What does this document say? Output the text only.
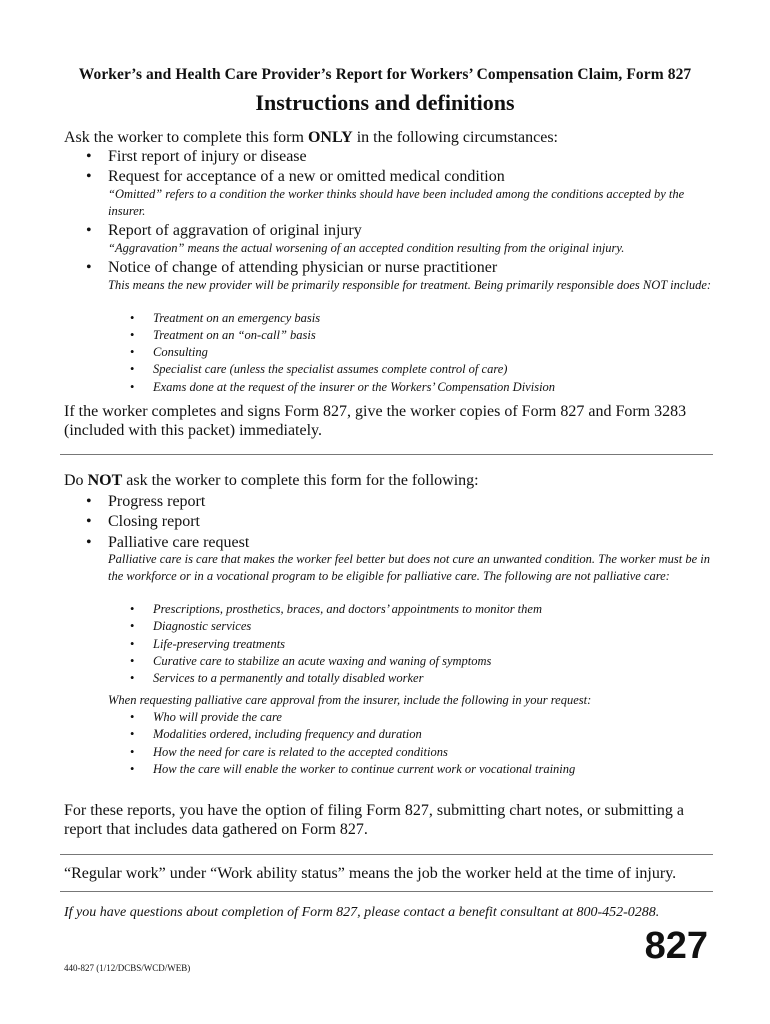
Worker’s and Health Care Provider’s Report for Workers’ Compensation Claim, Form 827
Instructions and definitions
Ask the worker to complete this form ONLY in the following circumstances:
• First report of injury or disease
• Request for acceptance of a new or omitted medical condition
“Omitted” refers to a condition the worker thinks should have been included among the conditions accepted by the insurer.
• Report of aggravation of original injury
“Aggravation” means the actual worsening of an accepted condition resulting from the original injury.
• Notice of change of attending physician or nurse practitioner
This means the new provider will be primarily responsible for treatment. Being primarily responsible does NOT include:
• Treatment on an emergency basis
• Treatment on an “on-call” basis
• Consulting
• Specialist care (unless the specialist assumes complete control of care)
• Exams done at the request of the insurer or the Workers’ Compensation Division
If the worker completes and signs Form 827, give the worker copies of Form 827 and Form 3283 (included with this packet) immediately.
Do NOT ask the worker to complete this form for the following:
• Progress report
• Closing report
• Palliative care request
Palliative care is care that makes the worker feel better but does not cure an unwanted condition. The worker must be in the workforce or in a vocational program to be eligible for palliative care. The following are not palliative care:
• Prescriptions, prosthetics, braces, and doctors’ appointments to monitor them
• Diagnostic services
• Life-preserving treatments
• Curative care to stabilize an acute waxing and waning of symptoms
• Services to a permanently and totally disabled worker
When requesting palliative care approval from the insurer, include the following in your request:
• Who will provide the care
• Modalities ordered, including frequency and duration
• How the need for care is related to the accepted conditions
• How the care will enable the worker to continue current work or vocational training
For these reports, you have the option of filing Form 827, submitting chart notes, or submitting a report that includes data gathered on Form 827.
“Regular work” under “Work ability status” means the job the worker held at the time of injury.
If you have questions about completion of Form 827, please contact a benefit consultant at 800-452-0288.
827
440-827 (1/12/DCBS/WCD/WEB)
